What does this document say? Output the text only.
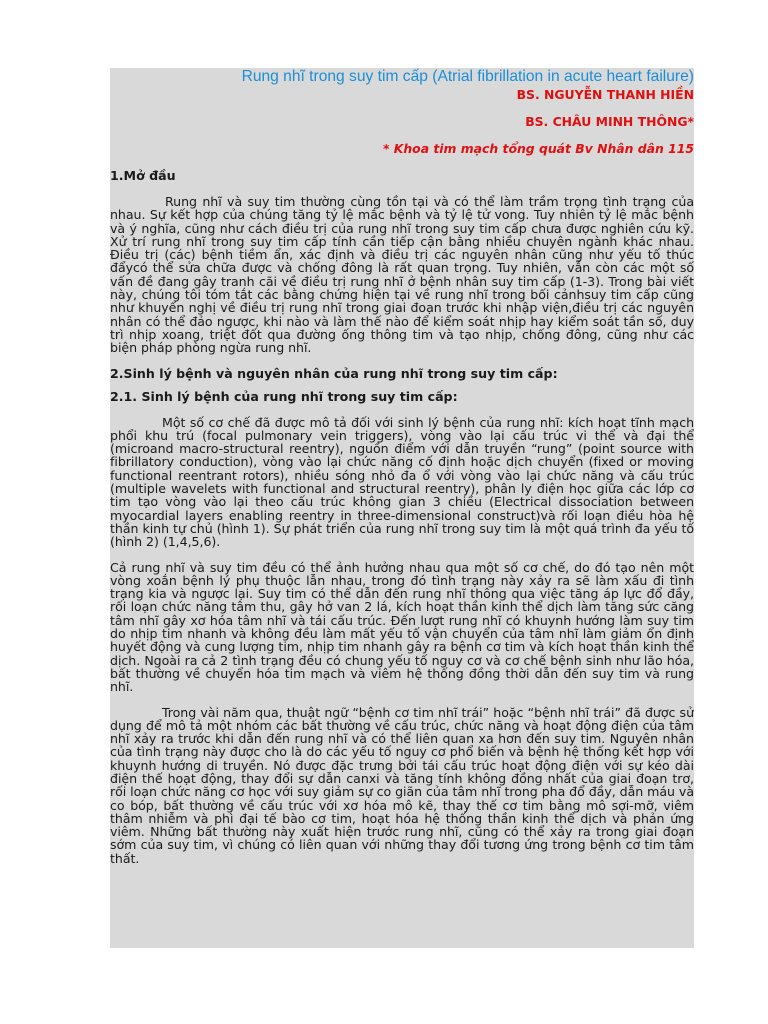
Rung nhĩ trong suy tim cấp (Atrial fibrillation in acute heart failure)
BS. NGUYỄN THANH HIỀN
BS. CHÂU MINH THÔNG*
* Khoa tim mạch tổng quát Bv Nhân dân 115
1.Mở đầu

Rung nhĩ và suy tim thường cùng tồn tại và có thể làm trầm trọng tình trạng của nhau. Sự kết hợp của chúng tăng tỷ lệ mắc bệnh và tỷ lệ tử vong. Tuy nhiên tỷ lệ mắc bệnh và ý nghĩa, cũng như cách điều trị của rung nhĩ trong suy tim cấp chưa được nghiên cứu kỹ. Xử trí rung nhĩ trong suy tim cấp tính cần tiếp cận bằng nhiều chuyên ngành khác nhau. Điều trị (các) bệnh tiềm ẩn, xác định và điều trị các nguyên nhân cũng như yếu tố thúc đẩycó thể sửa chữa được và chống đông là rất quan trọng. Tuy nhiên, vẫn còn các một số vấn đề đang gây tranh cãi về điều trị rung nhĩ ở bệnh nhân suy tim cấp (1-3). Trong bài viết này, chúng tôi tóm tắt các bằng chứng hiện tại về rung nhĩ trong bối cảnhsuy tim cấp cũng như khuyến nghị về điều trị rung nhĩ trong giai đoạn trước khi nhập viện,điều trị các nguyên nhân có thể đảo ngược, khi nào và làm thế nào để kiểm soát nhịp hay kiểm soát tần số, duy trì nhịp xoang, triệt đốt qua đường ống thông tim và tạo nhịp, chống đông, cũng như các biện pháp phòng ngừa rung nhĩ.

2.Sinh lý bệnh và nguyên nhân của rung nhĩ trong suy tim cấp:
2.1. Sinh lý bệnh của rung nhĩ trong suy tim cấp:

Một số cơ chế đã được mô tả đối với sinh lý bệnh của rung nhĩ: kích hoạt tĩnh mạch phổi khu trú (focal pulmonary vein triggers), vòng vào lại cấu trúc vi thể và đại thể (microand macro-structural reentry), nguồn điểm với dẫn truyền “rung” (point source with fibrillatory conduction), vòng vào lại chức năng cố định hoặc dịch chuyển (fixed or moving functional reentrant rotors), nhiều sóng nhỏ đa ổ với vòng vào lại chức năng và cấu trúc (multiple wavelets with functional and structural reentry), phân ly điện học giữa các lớp cơ tim tạo vòng vào lại theo cấu trúc không gian 3 chiều (Electrical dissociation between myocardial layers enabling reentry in three-dimensional construct)và rối loạn điều hòa hệ thần kinh tự chủ (hình 1). Sự phát triển của rung nhĩ trong suy tim là một quá trình đa yếu tố (hình 2) (1,4,5,6).

Cả rung nhĩ và suy tim đều có thể ảnh hưởng nhau qua một số cơ chế, do đó tạo nên một vòng xoắn bệnh lý phụ thuộc lẫn nhau, trong đó tình trạng này xảy ra sẽ làm xấu đi tình trạng kia và ngược lại. Suy tim có thể dẫn đến rung nhĩ thông qua việc tăng áp lực đổ đầy, rối loạn chức năng tâm thu, gây hở van 2 lá, kích hoạt thần kinh thể dịch làm tăng sức căng tâm nhĩ gây xơ hóa tâm nhĩ và tái cấu trúc. Đến lượt rung nhĩ có khuynh hướng làm suy tim do nhịp tim nhanh và không đều làm mất yếu tố vận chuyển của tâm nhĩ làm giảm ổn định huyết động và cung lượng tim, nhịp tim nhanh gây ra bệnh cơ tim và kích hoạt thần kinh thể dịch. Ngoài ra cả 2 tình trạng đều có chung yếu tố nguy cơ và cơ chế bệnh sinh như lão hóa, bất thường về chuyển hóa tim mạch và viêm hệ thống đồng thời dẫn đến suy tim và rung nhĩ.

Trong vài năm qua, thuật ngữ “bệnh cơ tim nhĩ trái” hoặc “bệnh nhĩ trái” đã được sử dụng để mô tả một nhóm các bất thường về cấu trúc, chức năng và hoạt động điện của tâm nhĩ xảy ra trước khi dẫn đến rung nhĩ và có thể liên quan xa hơn đến suy tim. Nguyên nhân của tình trạng này được cho là do các yếu tố nguy cơ phổ biến và bệnh hệ thống kết hợp với khuynh hướng di truyền. Nó được đặc trưng bởi tái cấu trúc hoạt động điện với sự kéo dài điện thế hoạt động, thay đổi sự dẫn canxi và tăng tính không đồng nhất của giai đoạn trơ, rối loạn chức năng cơ học với suy giảm sự co giãn của tâm nhĩ trong pha đổ đầy, dẫn máu và co bóp, bất thường về cấu trúc với xơ hóa mô kẽ, thay thế cơ tim bằng mô sợi-mỡ, viêm thâm nhiễm và phì đại tế bào cơ tim, hoạt hóa hệ thống thần kinh thể dịch và phản ứng viêm. Những bất thường này xuất hiện trước rung nhĩ, cũng có thể xảy ra trong giai đoạn sớm của suy tim, vì chúng có liên quan với những thay đổi tương ứng trong bệnh cơ tim tâm thất.
